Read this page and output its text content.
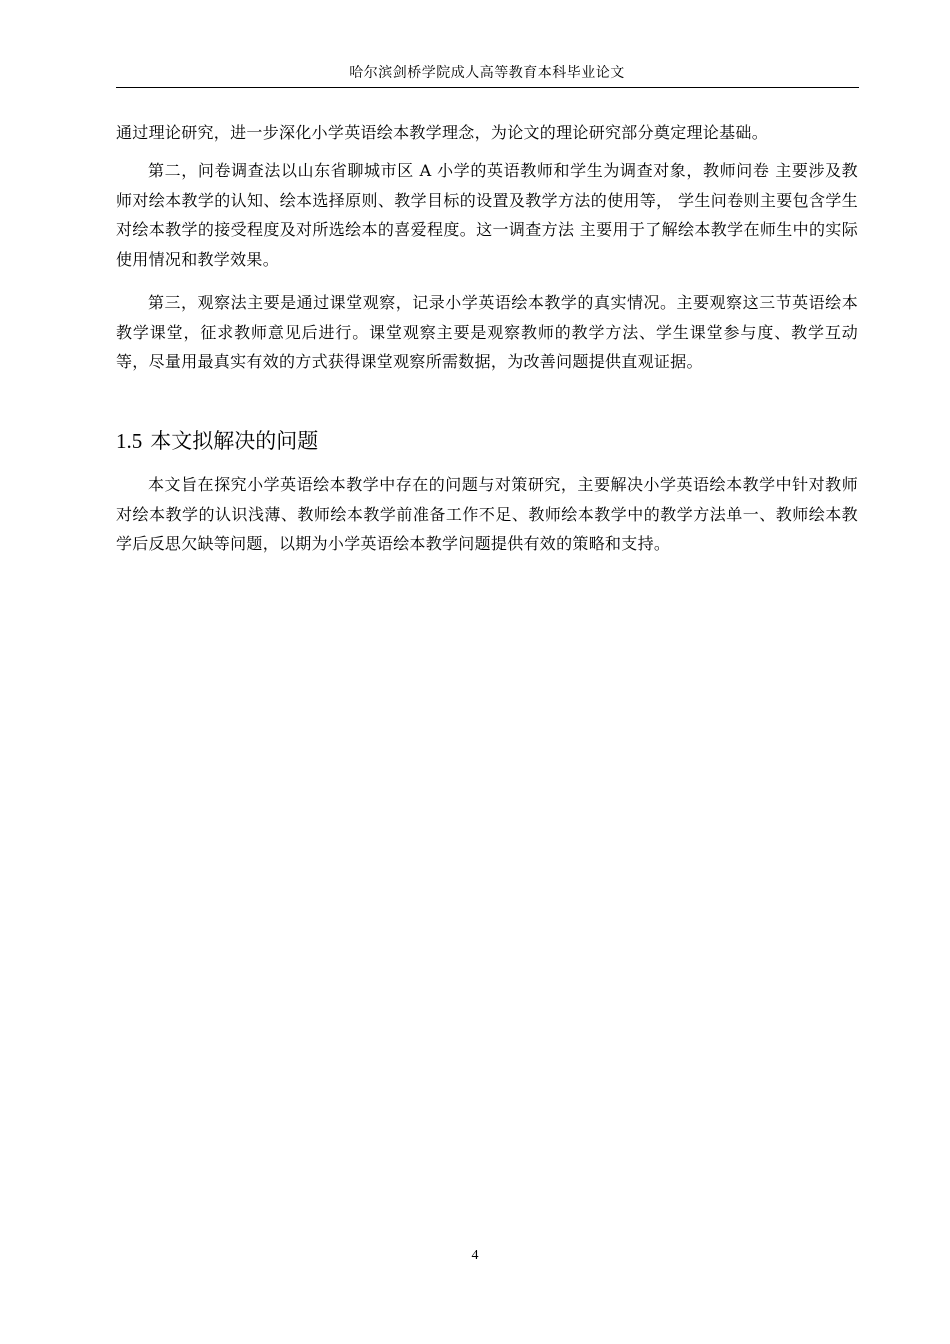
哈尔滨剑桥学院成人高等教育本科毕业论文

通过理论研究，进一步深化小学英语绘本教学理念，为论文的理论研究部分奠定理论基础。

第二，问卷调查法以山东省聊城市区 A 小学的英语教师和学生为调查对象，教师问卷 主要涉及教师对绘本教学的认知、绘本选择原则、教学目标的设置及教学方法的使用等， 学生问卷则主要包含学生对绘本教学的接受程度及对所选绘本的喜爱程度。这一调查方法 主要用于了解绘本教学在师生中的实际使用情况和教学效果。

第三，观察法主要是通过课堂观察，记录小学英语绘本教学的真实情况。主要观察这三节英语绘本教学课堂，征求教师意见后进行。课堂观察主要是观察教师的教学方法、学生课堂参与度、教学互动等，尽量用最真实有效的方式获得课堂观察所需数据，为改善问题提供直观证据。

1.5 本文拟解决的问题

本文旨在探究小学英语绘本教学中存在的问题与对策研究，主要解决小学英语绘本教学中针对教师对绘本教学的认识浅薄、教师绘本教学前准备工作不足、教师绘本教学中的教学方法单一、教师绘本教学后反思欠缺等问题，以期为小学英语绘本教学问题提供有效的策略和支持。

4
